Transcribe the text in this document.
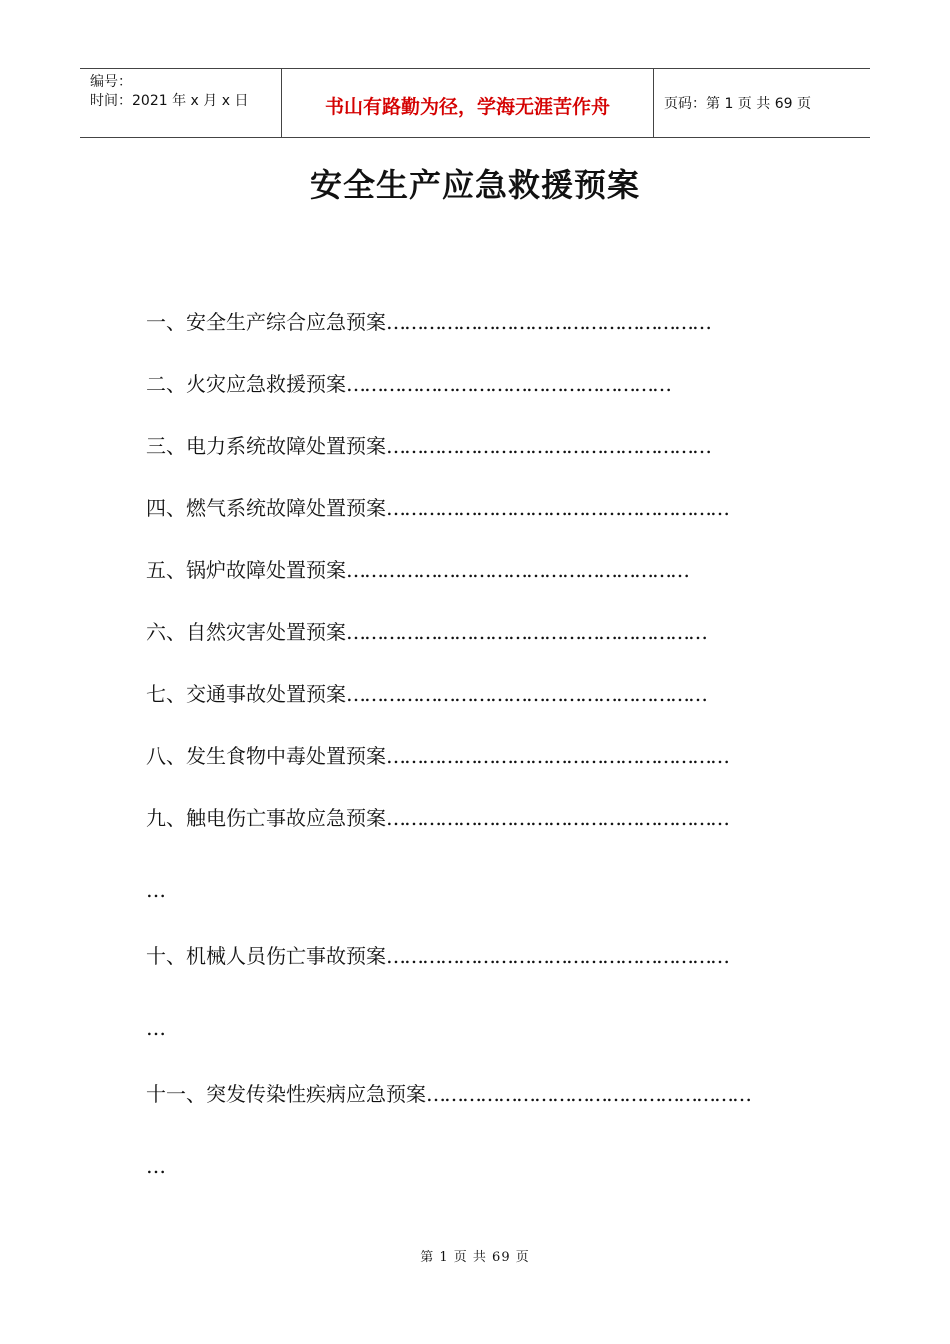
编号：
时间：2021 年 x 月 x 日	书山有路勤为径，学海无涯苦作舟	页码：第 1 页 共 69 页
安全生产应急救援预案
一、安全生产综合应急预案………………………………………………
二、火灾应急救援预案………………………………………………
三、电力系统故障处置预案………………………………………………
四、燃气系统故障处置预案…………………………………………………
五、锅炉故障处置预案…………………………………………………
六、自然灾害处置预案……………………………………………………
七、交通事故处置预案……………………………………………………
八、发生食物中毒处置预案…………………………………………………
九、触电伤亡事故应急预案…………………………………………………
…
十、机械人员伤亡事故预案…………………………………………………
…
十一、突发传染性疾病应急预案………………………………………………
…
第 1 页 共 69 页
